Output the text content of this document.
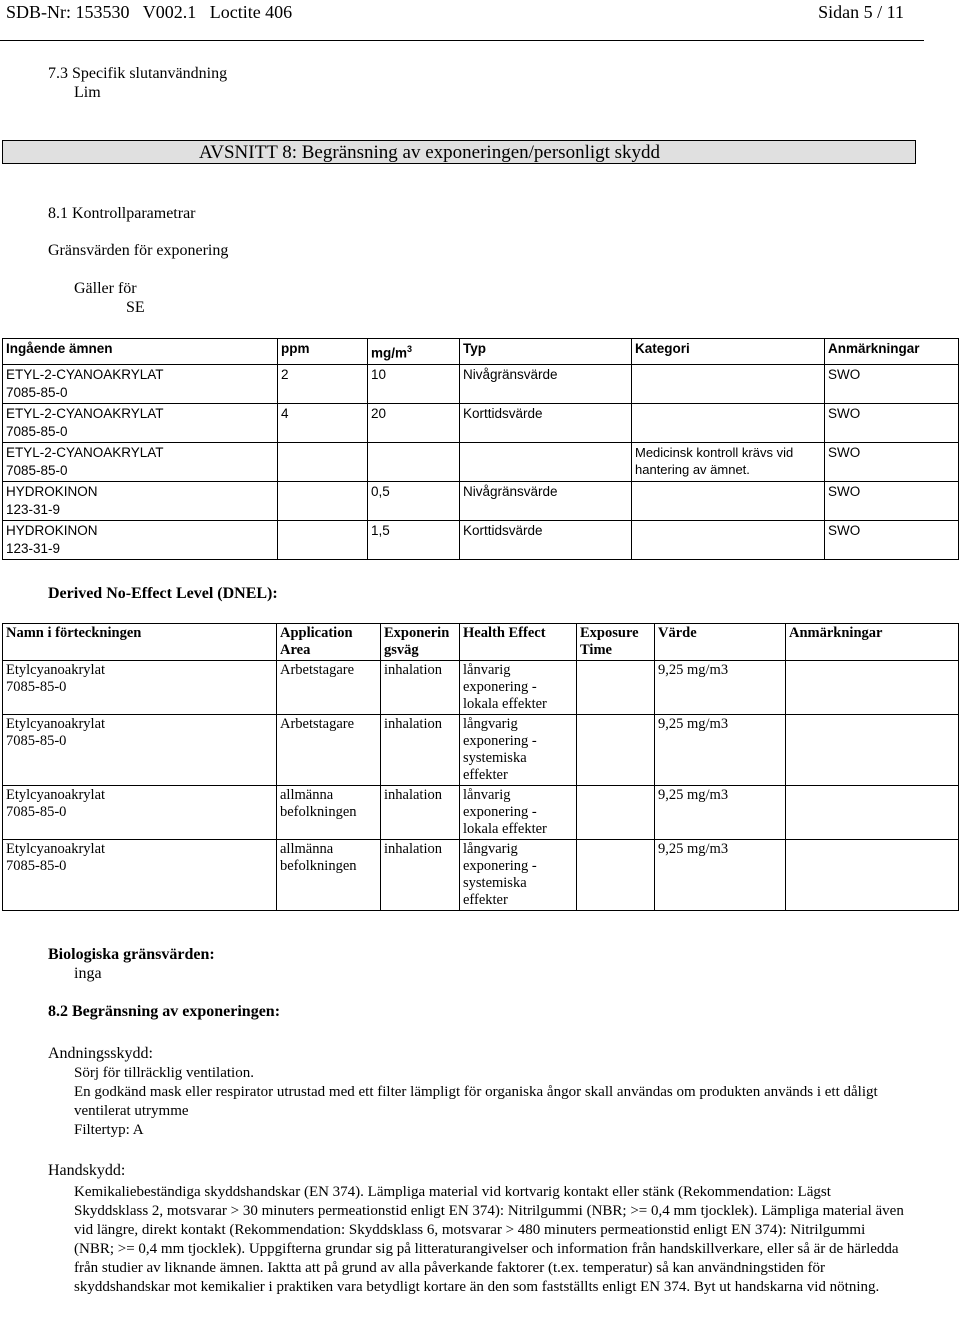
SDB-Nr: 153530 V002.1 Loctite 406	Sidan 5 / 11
7.3 Specifik slutanvändning
Lim
AVSNITT 8: Begränsning av exponeringen/personligt skydd
8.1 Kontrollparametrar
Gränsvärden för exponering
Gäller för
SE
Ingående ämnen	ppm	$mg/m^3$	Typ	Kategori	Anmärkningar

ETYL-2-CYANOAKRYLAT
7085-85-0	2	10	Nivågränsvärde		SWO

ETYL-2-CYANOAKRYLAT
7085-85-0	4	20	Korttidsvärde		SWO

ETYL-2-CYANOAKRYLAT
7085-85-0				Medicinsk kontroll krävs vid hantering av ämnet.	SWO

HYDROKINON
123-31-9		0,5	Nivågränsvärde		SWO

HYDROKINON
123-31-9		1,5	Korttidsvärde		SWO
Derived No-Effect Level (DNEL):
Namn i förteckningen	Application Area	Exponerin gsväg	Health Effect	Exposure Time	Värde	Anmärkningar

Etylcyanoakrylat
7085-85-0	Arbetstagare	inhalation	lånvarig exponering - lokala effekter		9,25 mg/m3	

Etylcyanoakrylat
7085-85-0	Arbetstagare	inhalation	långvarig exponering - systemiska effekter		9,25 mg/m3	

Etylcyanoakrylat
7085-85-0	allmänna befolkningen	inhalation	lånvarig exponering - lokala effekter		9,25 mg/m3	

Etylcyanoakrylat
7085-85-0	allmänna befolkningen	inhalation	långvarig exponering - systemiska effekter		9,25 mg/m3	
Biologiska gränsvärden:
inga
8.2 Begränsning av exponeringen:
Andningsskydd:
Sörj för tillräcklig ventilation.
En godkänd mask eller respirator utrustad med ett filter lämpligt för organiska ångor skall användas om produkten används i ett dåligt ventilerat utrymme
Filtertyp: A
Handskydd:
Kemikaliebeständiga skyddshandskar (EN 374). Lämpliga material vid kortvarig kontakt eller stänk (Rekommendation: Lägst Skyddsklass 2, motsvarar > 30 minuters permeationstid enligt EN 374): Nitrilgummi (NBR; >= 0,4 mm tjocklek). Lämpliga material även vid längre, direkt kontakt (Rekommendation: Skyddsklass 6, motsvarar > 480 minuters permeationstid enligt EN 374): Nitrilgummi (NBR; >= 0,4 mm tjocklek). Uppgifterna grundar sig på litteraturangivelser och information från handskillverkare, eller så är de härledda från studier av liknande ämnen. Iakttа att på grund av alla påverkande faktorer (t.ex. temperatur) så kan användningstiden för skyddshandskar mot kemikalier i praktiken vara betydligt kortare än den som fastställts enligt EN 374. Byt ut handskarna vid nötning.
